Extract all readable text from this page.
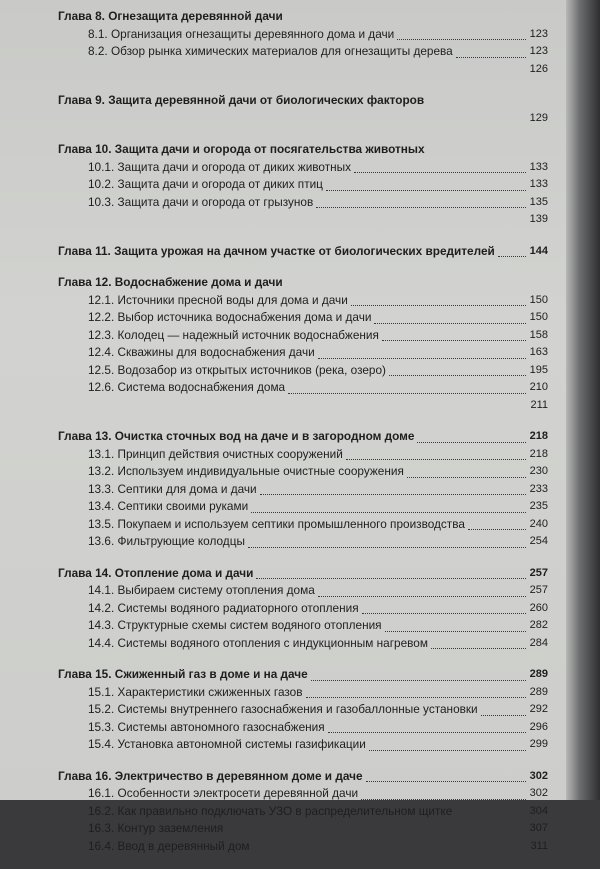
Глава 8. Огнезащита деревянной дачи
8.1. Организация огнезащиты деревянного дома и дачи	123
8.2. Обзор рынка химических материалов для огнезащиты дерева	123
126
Глава 9. Защита деревянной дачи от биологических факторов
129
Глава 10. Защита дачи и огорода от посягательства животных
10.1. Защита дачи и огорода от диких животных	133
10.2. Защита дачи и огорода от диких птиц	133
10.3. Защита дачи и огорода от грызунов	135
139
Глава 11. Защита урожая на дачном участке от биологических вредителей	144
Глава 12. Водоснабжение дома и дачи
12.1. Источники пресной воды для дома и дачи	150
12.2. Выбор источника водоснабжения дома и дачи	150
12.3. Колодец — надежный источник водоснабжения	158
12.4. Скважины для водоснабжения дачи	163
12.5. Водозабор из открытых источников (река, озеро)	195
12.6. Система водоснабжения дома	210
211
Глава 13. Очистка сточных вод на даче и в загородном доме	218
13.1. Принцип действия очистных сооружений	218
13.2. Используем индивидуальные очистные сооружения	230
13.3. Септики для дома и дачи	233
13.4. Септики своими руками	235
13.5. Покупаем и используем септики промышленного производства	240
13.6. Фильтрующие колодцы	254
Глава 14. Отопление дома и дачи	257
14.1. Выбираем систему отопления дома	257
14.2. Системы водяного радиаторного отопления	260
14.3. Структурные схемы систем водяного отопления	282
14.4. Системы водяного отопления с индукционным нагревом	284
Глава 15. Сжиженный газ в доме и на даче	289
15.1. Характеристики сжиженных газов	289
15.2. Системы внутреннего газоснабжения и газобаллонные установки	292
15.3. Системы автономного газоснабжения	296
15.4. Установка автономной системы газификации	299
Глава 16. Электричество в деревянном доме и даче	302
16.1. Особенности электросети деревянной дачи	302
16.2. Как правильно подключать УЗО в распределительном щитке	304
16.3. Контур заземления	307
16.4. Ввод в деревянный дом	311
